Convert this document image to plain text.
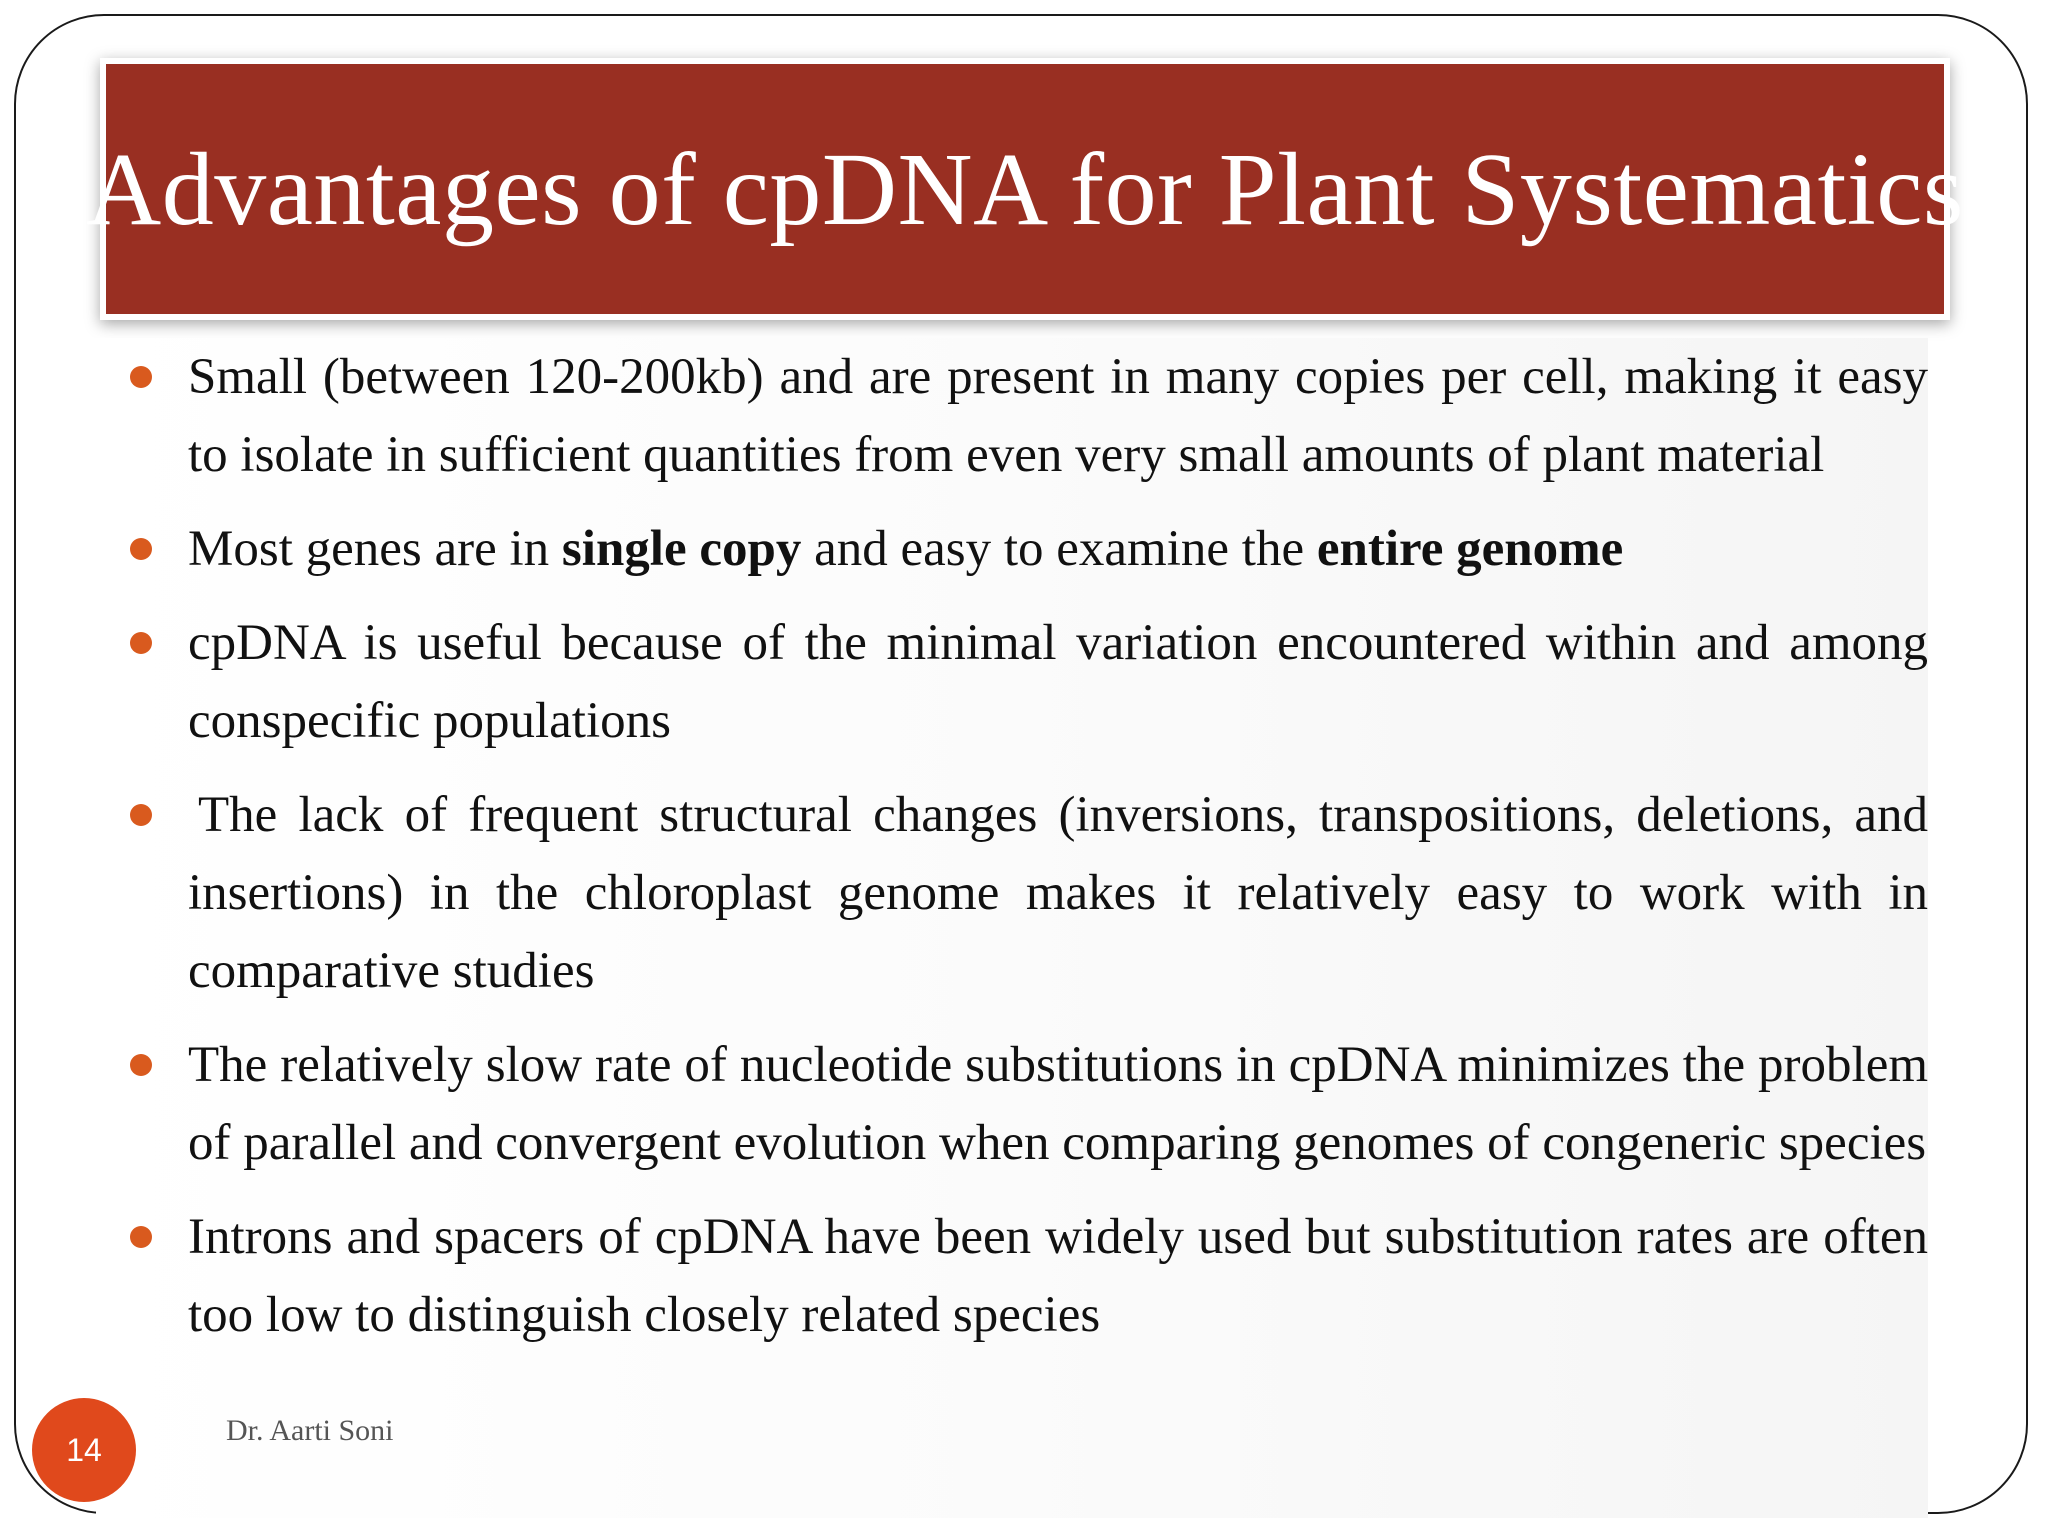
Advantages of cpDNA for Plant Systematics
Small (between 120-200kb) and are present in many copies per cell, making it easy to isolate in sufficient quantities from even very small amounts of plant material
Most genes are in single copy and easy to examine the entire genome
cpDNA is useful because of the minimal variation encountered within and among conspecific populations
The lack of frequent structural changes (inversions, transpositions, deletions, and insertions) in the chloroplast genome makes it relatively easy to work with in comparative studies
The relatively slow rate of nucleotide substitutions in cpDNA minimizes the problem of parallel and convergent evolution when comparing genomes of congeneric species
Introns and spacers of cpDNA have been widely used but substitution rates are often too low to distinguish closely related species
14
Dr. Aarti Soni
